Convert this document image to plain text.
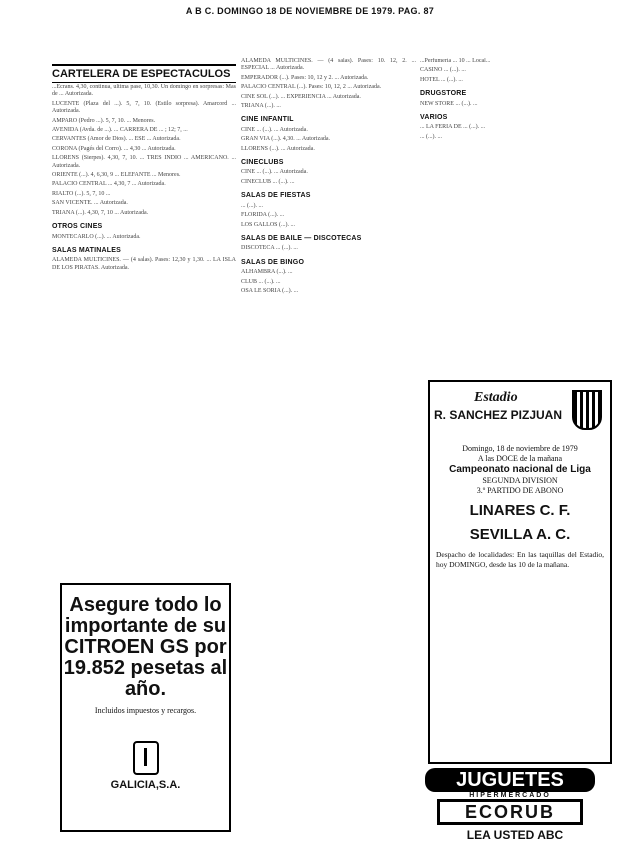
A B C. DOMINGO 18 DE NOVIEMBRE DE 1979. PAG. 87
CARTELERA DE ESPECTACULOS
...Ecrans. 4,30, continua, ultima pase, 10,30. Un domingo en sorpresas: Mas de ... Autorizada.
LUCENTE (Plaza del ...). 5, 7, 10. (Estilo sorpresa). Amarcord ... Autorizada.
AMPARO (Pedro ...). 5, 7, 10. ... Menores.
AVENIDA (Avda. de ...). ... CARRERA DE ... ; 12; 7, ...
CERVANTES (Amor de Dios). ... ESE ... Autorizada.
CORONA (Pagés del Corro). ... 4,30 ... Autorizada.
LLORENS (Sierpes). 4,30, 7, 10. ... TRES INDIO ... AMERICANO. ... Autorizada.
ORIENTE (...). 4, 6,30, 9 ... ELEFANTE ... Menores.
PALACIO CENTRAL ... 4,30, 7 ... Autorizada.
RIALTO (...). 5, 7, 10 ...
SAN VICENTE. ... Autorizada.
TRIANA (...). 4,30, 7, 10 ... Autorizada.
OTROS CINES
MONTECARLO (...). ... Autorizada.
SALAS MATINALES
ALAMEDA MULTICINES. — (4 salas). Pases: 12,30 y 1,30. ... LA ISLA DE LOS PIRATAS. Autorizada.
Asegure todo lo importante de su CITROEN GS por 19.852 pesetas al año.
Incluidos impuestos y recargos.
GALICIA,S.A.
ALAMEDA MULTICINES. — (4 salas). Pases: 10. 12, 2. ... ESPECIAL ... Autorizada.
EMPERADOR (...). Pases: 10, 12 y 2. ... Autorizada.
PALACIO CENTRAL (...). Pases: 10, 12, 2 ... Autorizada.
CINE SOL (...). ... EXPERIENCIA ... Autorizada.
TRIANA (...). ...
CINE INFANTIL
CINE ... (...). ... Autorizada.
GRAN VIA (...). 4,30. ... Autorizada.
LLORENS (...). ... Autorizada.
CINECLUBS
CINE ... (...). ... Autorizada.
CINECLUB ... (...). ...
SALAS DE FIESTAS
... (...). ...
FLORIDA (...). ...
LOS GALLOS (...). ...
SALAS DE BAILE — DISCOTECAS
DISCOTECA ... (...). ...
SALAS DE BINGO
ALHAMBRA (...). ...
CLUB ... (...). ...
OSA LE SORIA (...). ...
...Perfumería ... 10 ... Local...
CASINO ... (...). ...
HOTEL ... (...). ...
DRUGSTORE
NEW STORE ... (...). ...
VARIOS
... LA FERIA DE ... (...). ...
... (...). ...
Estadio
R. SANCHEZ PIZJUAN
Domingo, 18 de noviembre de 1979
A las DOCE de la mañana
Campeonato nacional de Liga
SEGUNDA DIVISION
3.º PARTIDO DE ABONO
LINARES C. F.
SEVILLA A. C.
Despacho de localidades: En las taquillas del Estadio, hoy DOMINGO, desde las 10 de la mañana.
JUGUETES
HIPERMERCADO
ECORUB
LEA USTED ABC
